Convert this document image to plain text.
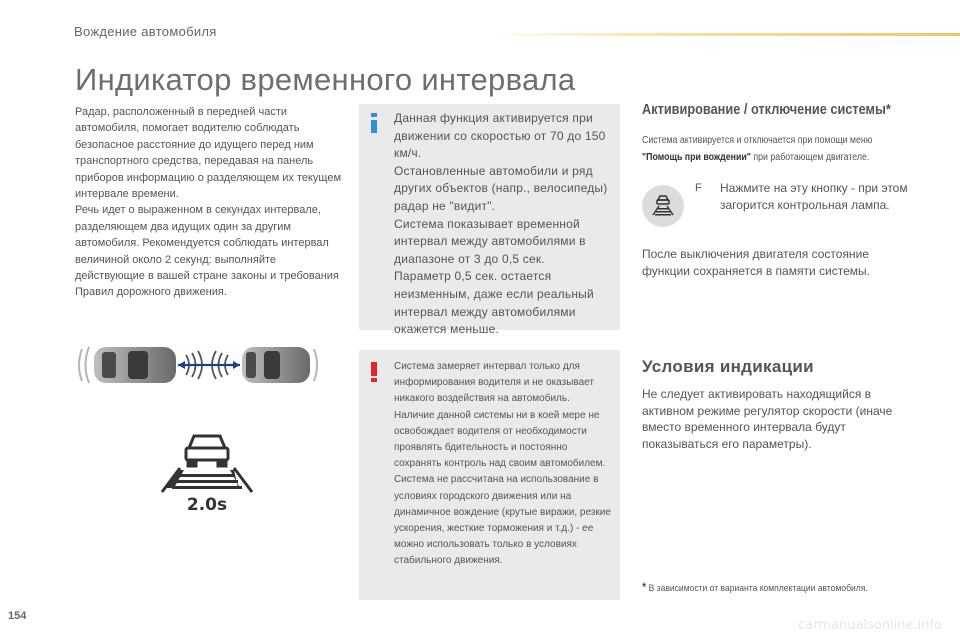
Вождение автомобиля
Индикатор временного интервала

Радар, расположенный в передней части автомобиля, помогает водителю соблюдать безопасное расстояние до идущего перед ним транспортного средства, передавая на панель приборов информацию о разделяющем их текущем интервале времени.

Речь идет о выраженном в секундах интервале, разделяющем два идущих один за другим автомобиля. Рекомендуется соблюдать интервал величиной около 2 секунд: выполняйте действующие в вашей стране законы и требования Правил дорожного движения.

Данная функция активируется при движении со скоростью от 70 до 150 км/ч.
Остановленные автомобили и ряд других объектов (напр., велосипеды) радар не "видит".
Система показывает временной интервал между автомобилями в диапазоне от 3 до 0,5 сек.
Параметр 0,5 сек. остается неизменным, даже если реальный интервал между автомобилями окажется меньше.
Система замеряет интервал только для информирования водителя и не оказывает никакого воздействия на автомобиль.
Наличие данной системы ни в коей мере не освобождает водителя от необходимости проявлять бдительность и постоянно сохранять контроль над своим автомобилем.
Система не рассчитана на использование в условиях городского движения или на динамичное вождение (крутые виражи, резкие ускорения, жесткие торможения и т.д.) - ее можно использовать только в условиях стабильного движения.
2.0s
Активирование / отключение системы*
Система активируется и отключается при помощи меню "Помощь при вождении" при работающем двигателе.
F Нажмите на эту кнопку - при этом загорится контрольная лампа.
После выключения двигателя состояние функции сохраняется в памяти системы.
Условия индикации
Не следует активировать находящийся в активном режиме регулятор скорости (иначе вместо временного интервала будут показываться его параметры).
* В зависимости от варианта комплектации автомобиля.
154
carmanualsonline.info
